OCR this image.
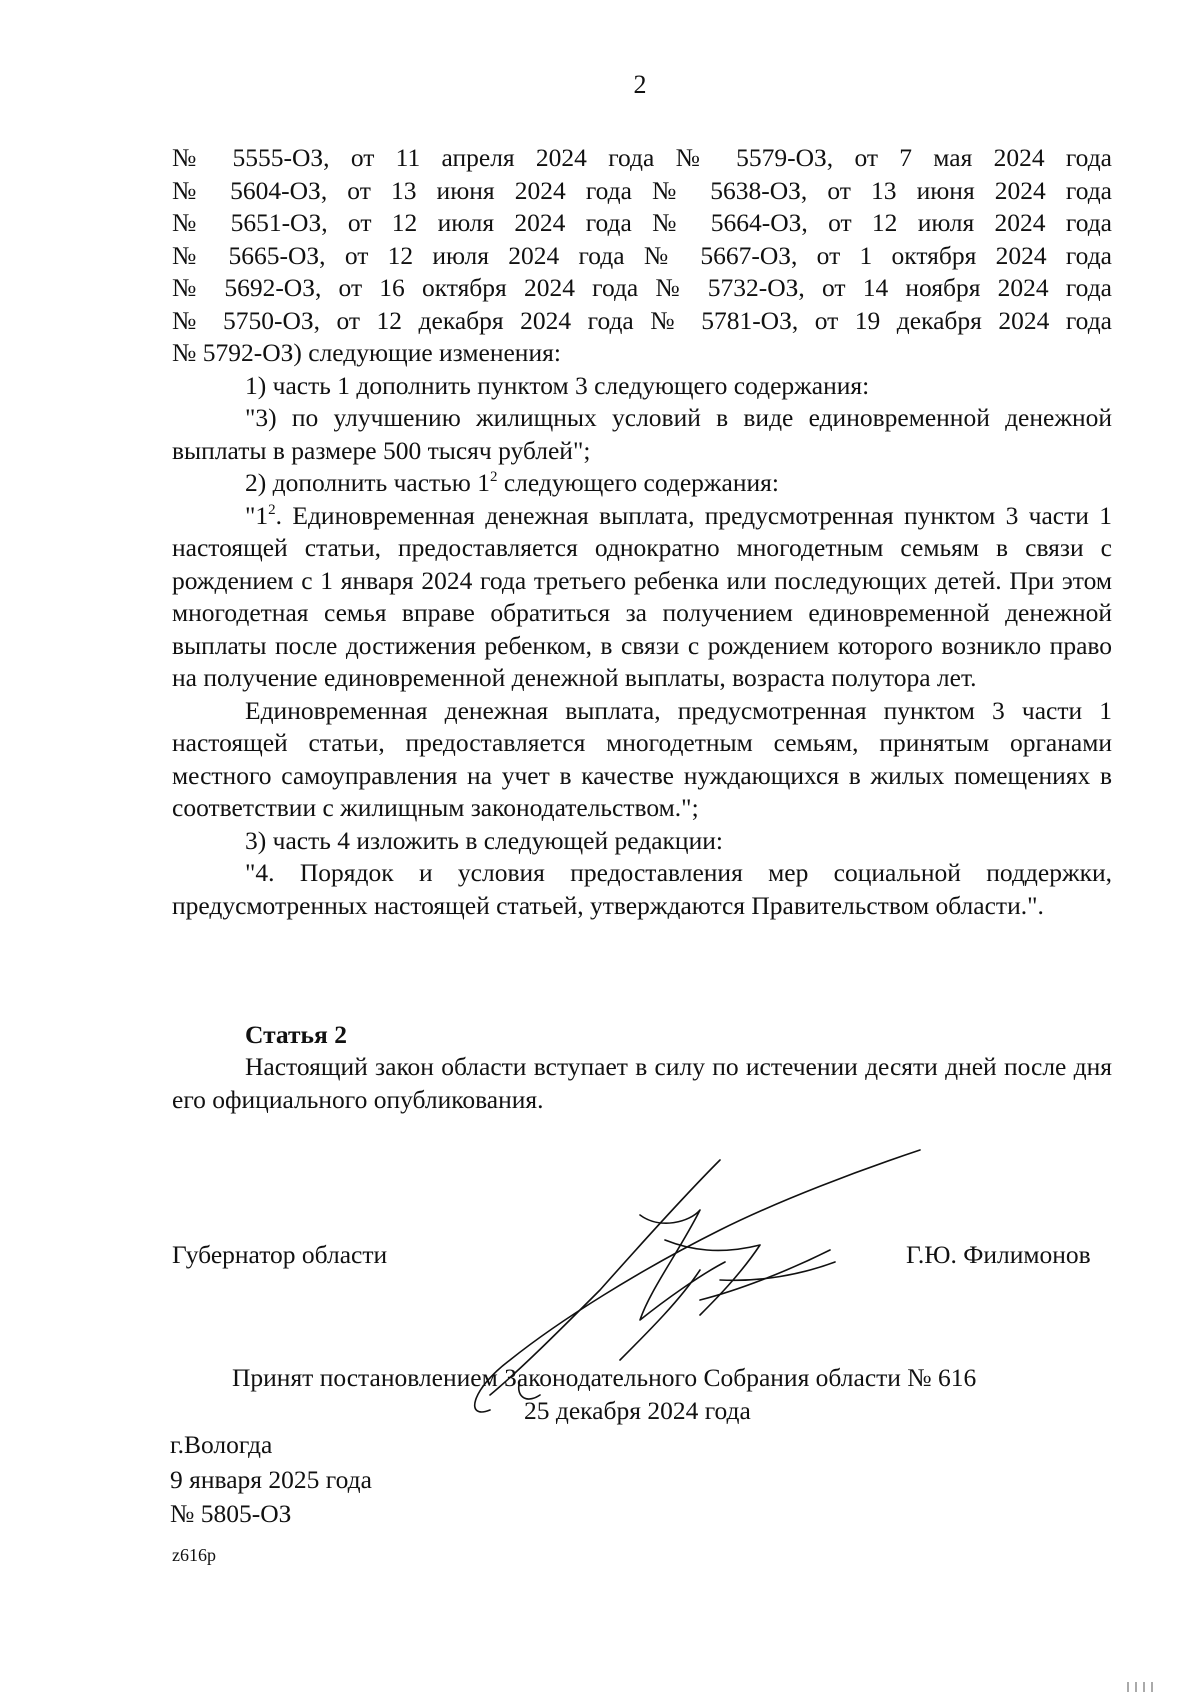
2

№ 5555-ОЗ, от 11 апреля 2024 года № 5579-ОЗ, от 7 мая 2024 года

№ 5604-ОЗ, от 13 июня 2024 года № 5638-ОЗ, от 13 июня 2024 года

№ 5651-ОЗ, от 12 июля 2024 года № 5664-ОЗ, от 12 июля 2024 года

№ 5665-ОЗ, от 12 июля 2024 года № 5667-ОЗ, от 1 октября 2024 года

№ 5692-ОЗ, от 16 октября 2024 года № 5732-ОЗ, от 14 ноября 2024 года

№ 5750-ОЗ, от 12 декабря 2024 года № 5781-ОЗ, от 19 декабря 2024 года

№ 5792-ОЗ) следующие изменения:

1) часть 1 дополнить пунктом 3 следующего содержания:

"3) по улучшению жилищных условий в виде единовременной денежной выплаты в размере 500 тысяч рублей";

2) дополнить частью $1^2$ следующего содержания:

"$1^2$. Единовременная денежная выплата, предусмотренная пунктом 3 части 1 настоящей статьи, предоставляется однократно многодетным семьям в связи с рождением с 1 января 2024 года третьего ребенка или последующих детей. При этом многодетная семья вправе обратиться за получением единовременной денежной выплаты после достижения ребенком, в связи с рождением которого возникло право на получение единовременной денежной выплаты, возраста полутора лет.

Единовременная денежная выплата, предусмотренная пунктом 3 части 1 настоящей статьи, предоставляется многодетным семьям, принятым органами местного самоуправления на учет в качестве нуждающихся в жилых помещениях в соответствии с жилищным законодательством.";

3) часть 4 изложить в следующей редакции:

"4. Порядок и условия предоставления мер социальной поддержки, предусмотренных настоящей статьей, утверждаются Правительством области.".

Статья 2

Настоящий закон области вступает в силу по истечении десяти дней после дня его официального опубликования.

Губернатор области	Г.Ю. Филимонов
Принят постановлением Законодательного Собрания области № 616
25 декабря 2024 года
г.Вологда
9 января 2025 года
№ 5805-ОЗ
z616p
